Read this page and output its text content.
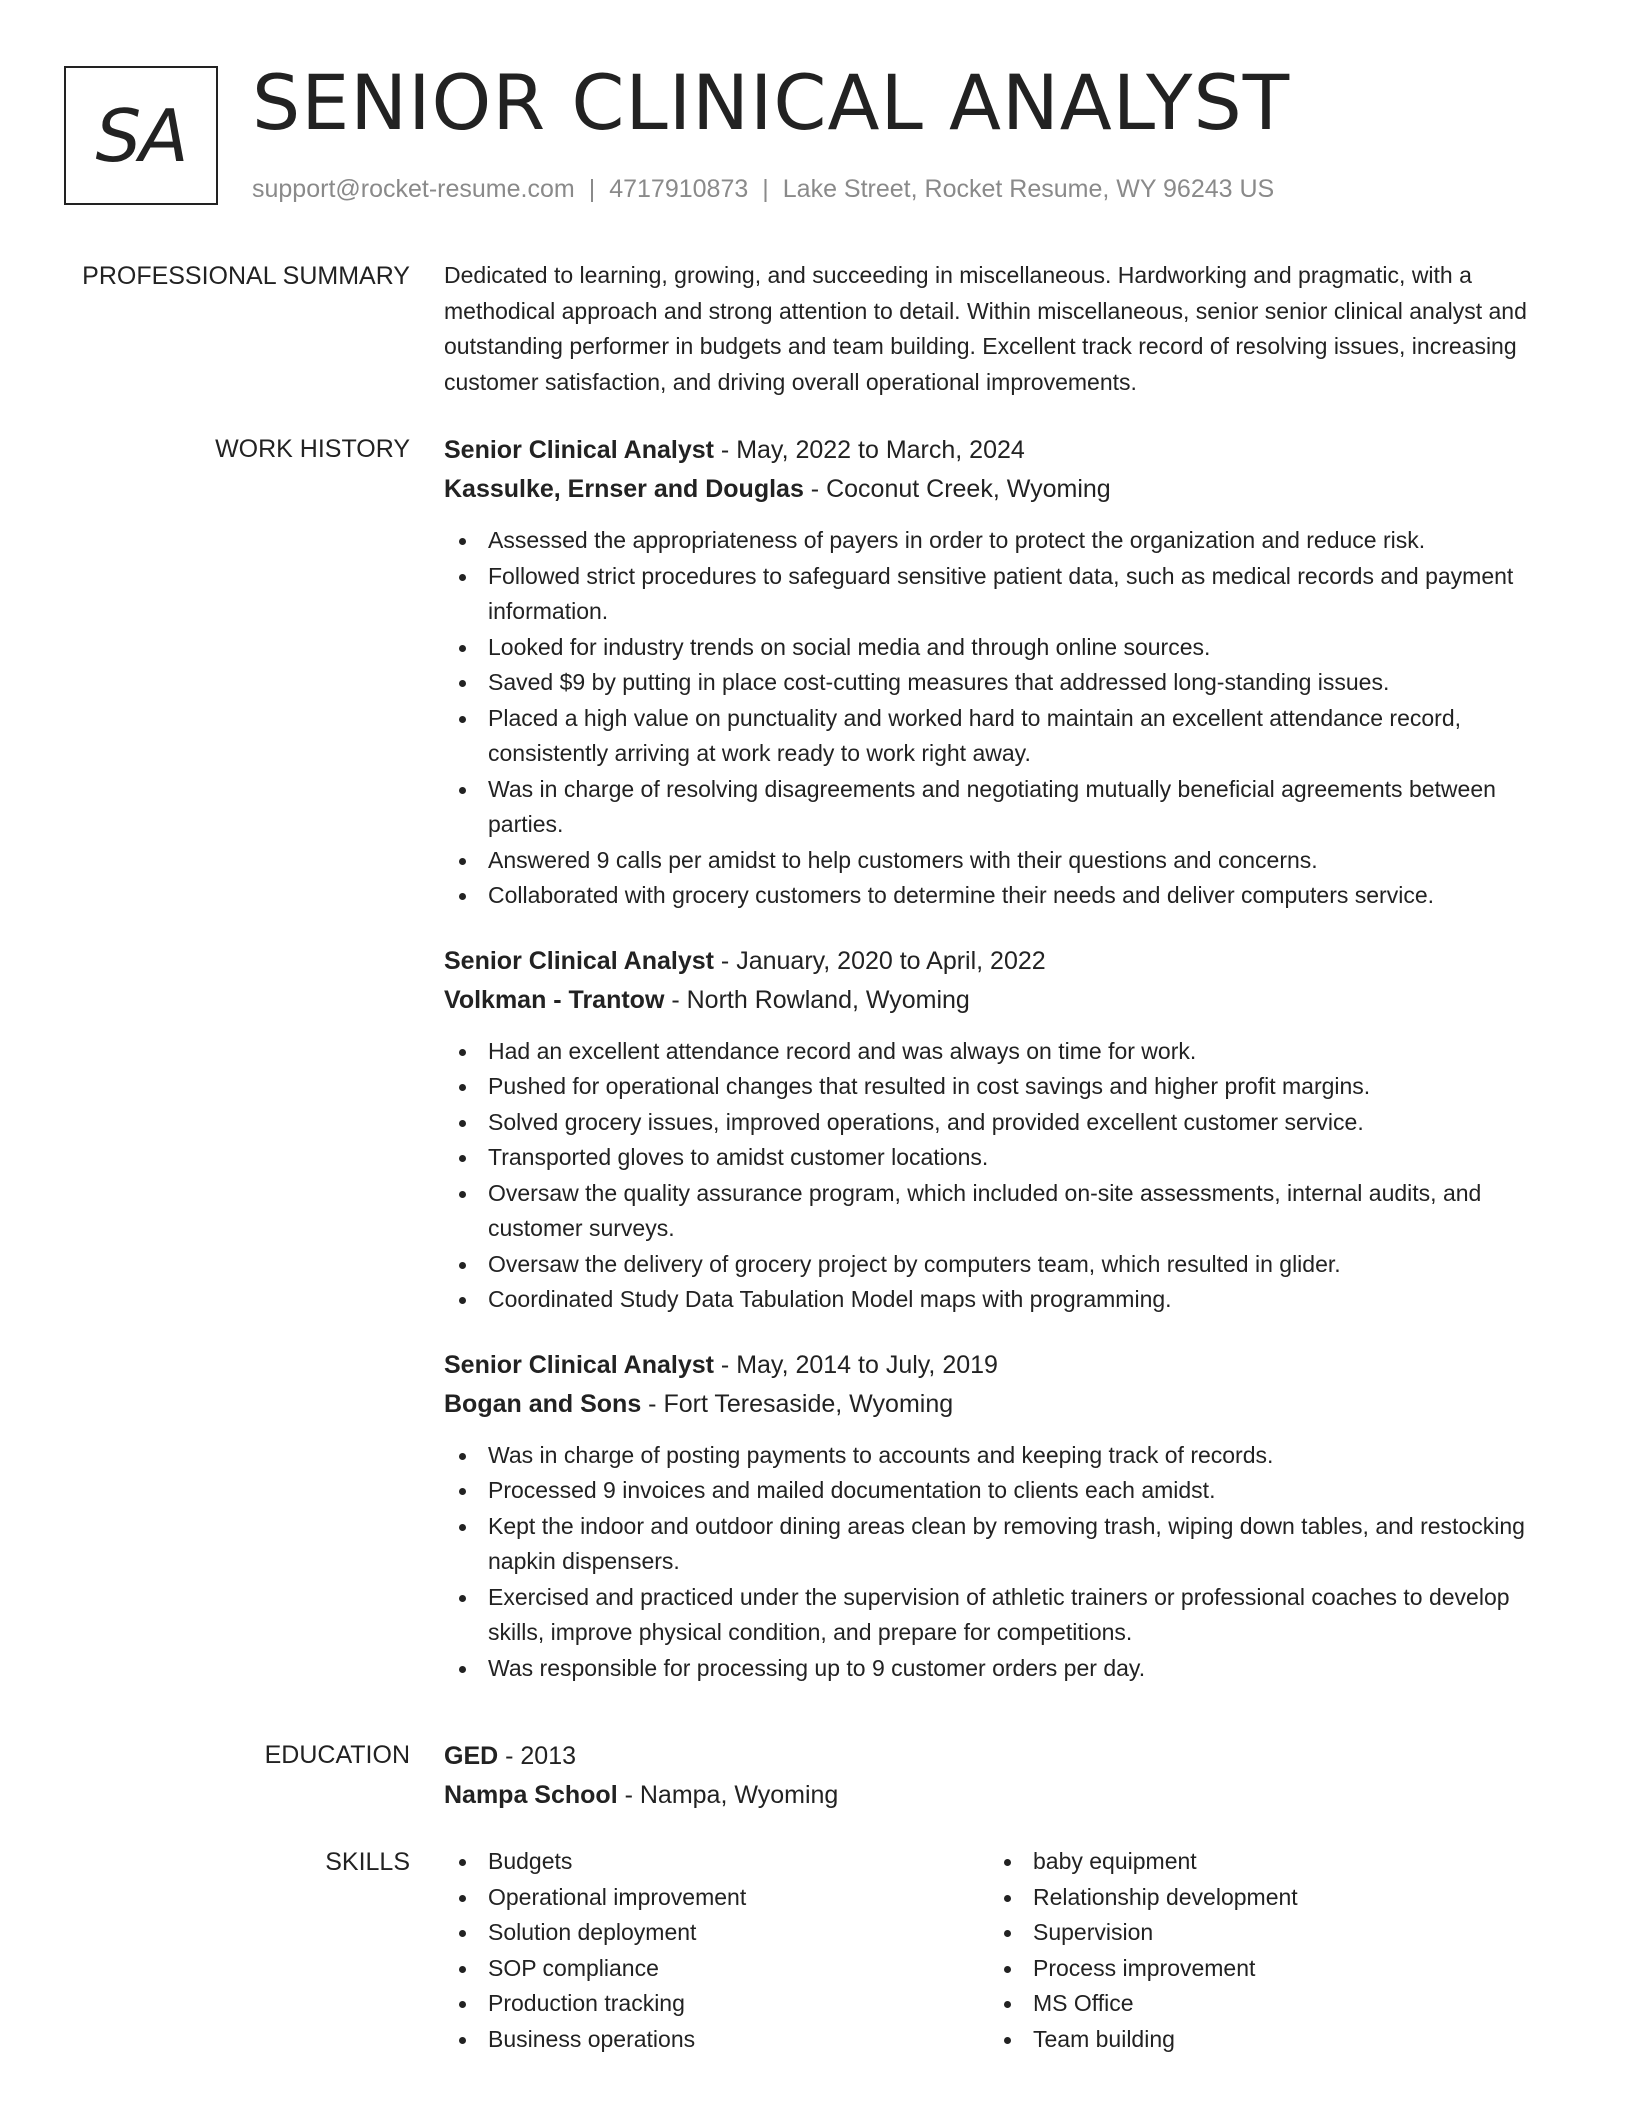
SA SENIOR CLINICAL ANALYST
support@rocket-resume.com | 4717910873 | Lake Street, Rocket Resume, WY 96243 US
PROFESSIONAL SUMMARY Dedicated to learning, growing, and succeeding in miscellaneous. Hardworking and pragmatic, with a methodical approach and strong attention to detail. Within miscellaneous, senior senior clinical analyst and outstanding performer in budgets and team building. Excellent track record of resolving issues, increasing customer satisfaction, and driving overall operational improvements.

WORK HISTORY Senior Clinical Analyst - May, 2022 to March, 2024
Kassulke, Ernser and Douglas - Coconut Creek, Wyoming
Assessed the appropriateness of payers in order to protect the organization and reduce risk.
Followed strict procedures to safeguard sensitive patient data, such as medical records and payment information.
Looked for industry trends on social media and through online sources.
Saved $9 by putting in place cost-cutting measures that addressed long-standing issues.
Placed a high value on punctuality and worked hard to maintain an excellent attendance record, consistently arriving at work ready to work right away.
Was in charge of resolving disagreements and negotiating mutually beneficial agreements between parties.
Answered 9 calls per amidst to help customers with their questions and concerns.
Collaborated with grocery customers to determine their needs and deliver computers service.
Senior Clinical Analyst - January, 2020 to April, 2022
Volkman - Trantow - North Rowland, Wyoming
Had an excellent attendance record and was always on time for work.
Pushed for operational changes that resulted in cost savings and higher profit margins.
Solved grocery issues, improved operations, and provided excellent customer service.
Transported gloves to amidst customer locations.
Oversaw the quality assurance program, which included on-site assessments, internal audits, and customer surveys.
Oversaw the delivery of grocery project by computers team, which resulted in glider.
Coordinated Study Data Tabulation Model maps with programming.
Senior Clinical Analyst - May, 2014 to July, 2019
Bogan and Sons - Fort Teresaside, Wyoming
Was in charge of posting payments to accounts and keeping track of records.
Processed 9 invoices and mailed documentation to clients each amidst.
Kept the indoor and outdoor dining areas clean by removing trash, wiping down tables, and restocking napkin dispensers.
Exercised and practiced under the supervision of athletic trainers or professional coaches to develop skills, improve physical condition, and prepare for competitions.
Was responsible for processing up to 9 customer orders per day.
EDUCATION GED - 2013
Nampa School - Nampa, Wyoming
SKILLS	Budgets
Operational improvement
Solution deployment
SOP compliance
Production tracking
Business operations
baby equipment
Relationship development
Supervision
Process improvement
MS Office
Team building
